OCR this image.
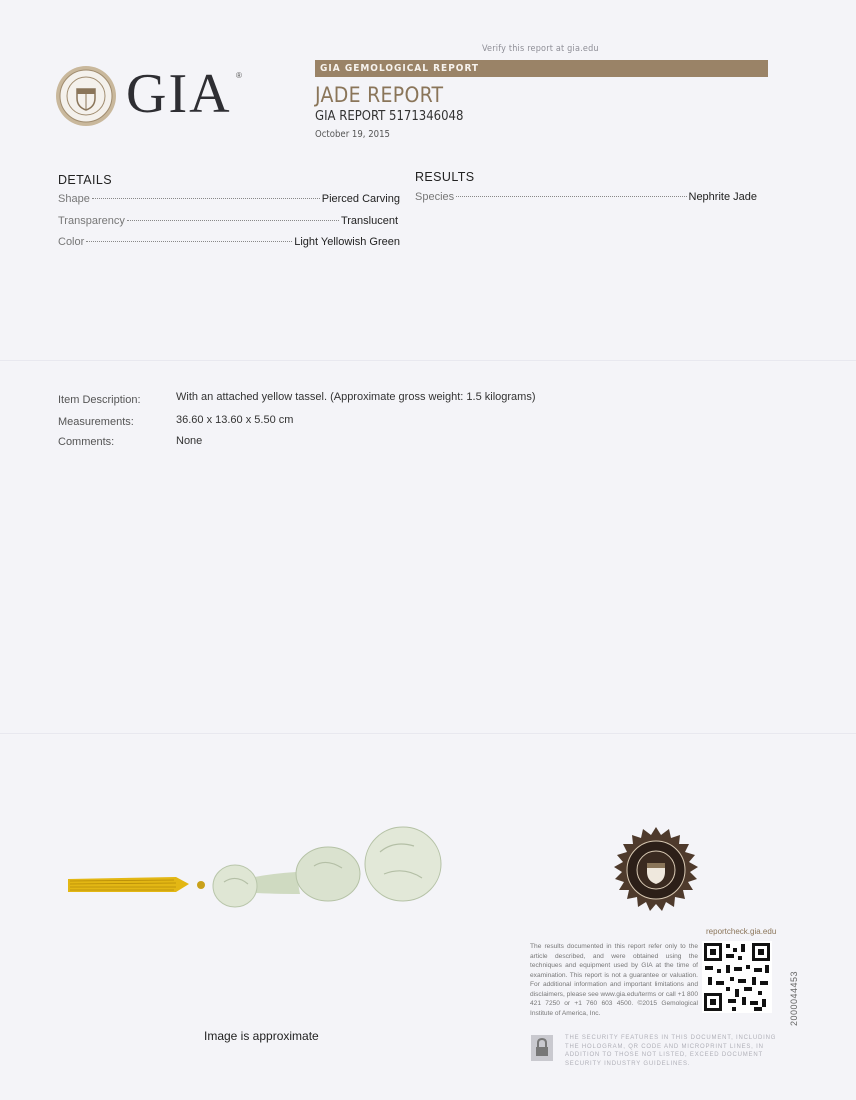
Verify this report at gia.edu
GIA ®
GIA GEMOLOGICAL REPORT
JADE REPORT
GIA REPORT 5171346048
October 19, 2015
DETAILS
Shape	Pierced Carving
Transparency	Translucent
Color	Light Yellowish Green
RESULTS
Species	Nephrite Jade
Item Description:	With an attached yellow tassel. (Approximate gross weight: 1.5 kilograms)
Measurements:	36.60 x 13.60 x 5.50 cm
Comments:	None
Image is approximate
reportcheck.gia.edu
The results documented in this report refer only to the article described, and were obtained using the techniques and equipment used by GIA at the time of examination. This report is not a guarantee or valuation. For additional information and important limitations and disclaimers, please see www.gia.edu/terms or call +1 800 421 7250 or +1 760 603 4500. ©2015 Gemological Institute of America, Inc.
THE SECURITY FEATURES IN THIS DOCUMENT, INCLUDING THE HOLOGRAM, QR CODE AND MICROPRINT LINES, IN ADDITION TO THOSE NOT LISTED, EXCEED DOCUMENT SECURITY INDUSTRY GUIDELINES.
2000044453
